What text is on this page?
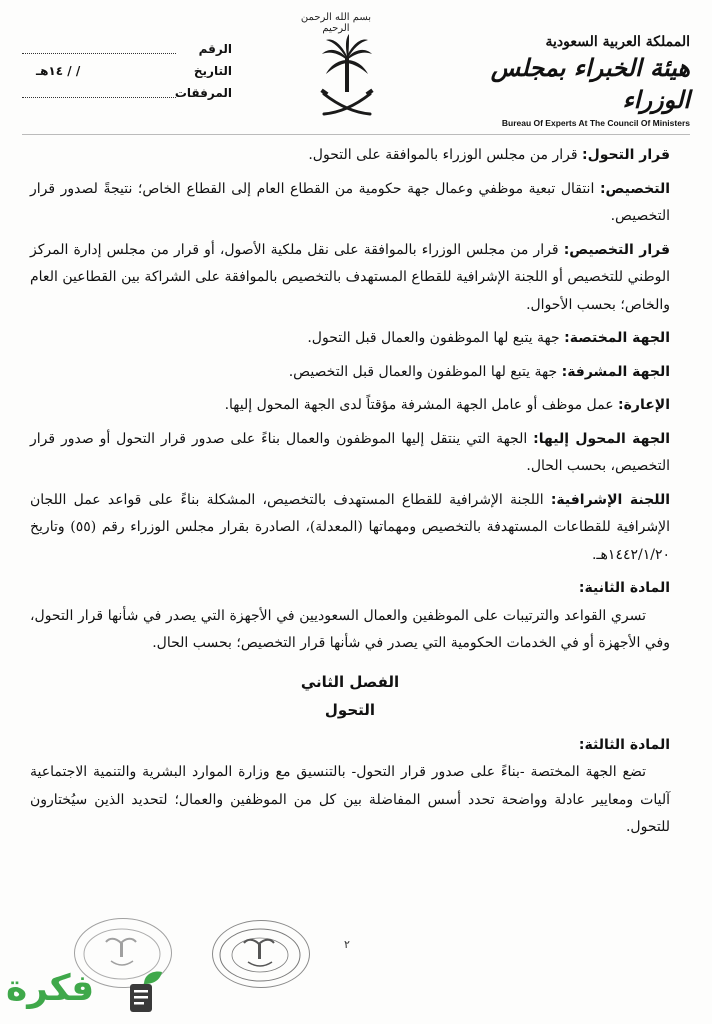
بسم الله الرحمن الرحيم
المملكة العربية السعودية
هيئة الخبراء بمجلس الوزراء
Bureau Of Experts At The Council Of Ministers
الرقم
التاريخ
/ / ١٤هـ
المرفقات
قرار التحول: قرار من مجلس الوزراء بالموافقة على التحول.
التخصيص: انتقال تبعية موظفي وعمال جهة حكومية من القطاع العام إلى القطاع الخاص؛ نتيجةً لصدور قرار التخصيص.
قرار التخصيص: قرار من مجلس الوزراء بالموافقة على نقل ملكية الأصول، أو قرار من مجلس إدارة المركز الوطني للتخصيص أو اللجنة الإشرافية للقطاع المستهدف بالتخصيص بالموافقة على الشراكة بين القطاعين العام والخاص؛ بحسب الأحوال.
الجهة المختصة: جهة يتبع لها الموظفون والعمال قبل التحول.
الجهة المشرفة: جهة يتبع لها الموظفون والعمال قبل التخصيص.
الإعارة: عمل موظف أو عامل الجهة المشرفة مؤقتاً لدى الجهة المحول إليها.
الجهة المحول إليها: الجهة التي ينتقل إليها الموظفون والعمال بناءً على صدور قرار التحول أو صدور قرار التخصيص، بحسب الحال.
اللجنة الإشرافية: اللجنة الإشرافية للقطاع المستهدف بالتخصيص، المشكلة بناءً على قواعد عمل اللجان الإشرافية للقطاعات المستهدفة بالتخصيص ومهماتها (المعدلة)، الصادرة بقرار مجلس الوزراء رقم (٥٥) وتاريخ ١٤٤٢/١/٢٠هـ.
المادة الثانية:
تسري القواعد والترتيبات على الموظفين والعمال السعوديين في الأجهزة التي يصدر في شأنها قرار التحول، وفي الأجهزة أو في الخدمات الحكومية التي يصدر في شأنها قرار التخصيص؛ بحسب الحال.
الفصل الثاني
التحول
المادة الثالثة:
تضع الجهة المختصة -بناءً على صدور قرار التحول- بالتنسيق مع وزارة الموارد البشرية والتنمية الاجتماعية آليات ومعايير عادلة وواضحة تحدد أسس المفاضلة بين كل من الموظفين والعمال؛ لتحديد الذين سيُختارون للتحول.
٢
فكرة
